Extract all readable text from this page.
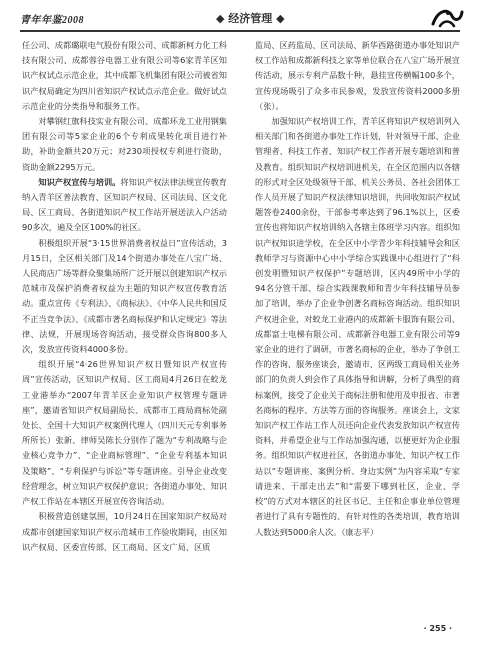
青年年鉴2008	◆ 经济管理 ◆

任公司、成都璐联电气股份有限公司、成都新柯力化工科技有限公司、成都蓉谷电器工业有限公司等6家青羊区知识产权试点示范企业，其中成都飞机集团有限公司被省知识产权局确定为四川省知识产权试点示范企业。做好试点示范企业的分类指导和服务工作。

对攀钢红旗科技实业有限公司、成都环龙工业用钢集团有限公司等5家企业的6个专利成果转化项目进行补助，补助金额共20万元；对230项授权专利进行资助，资助金额2295万元。

知识产权宣传与培训。

将知识产权法律法规宣传教育纳入青羊区普法教育、区知识产权局、区司法局、区文化局、区工商局、各街道知识产权工作站开展送法入户活动90多次，遍及全区100%的社区。

积极组织开展“3·15世界消费者权益日”宣传活动，3月15日，全区相关部门及14个街道办事处在八宝广场、人民商店广场等群众聚集场所广泛开展以创建知识产权示范城市及保护消费者权益为主题的知识产权宣传教育活动。重点宣传《专利法》、《商标法》、《中华人民共和国反不正当竞争法》、《成都市著名商标保护和认定规定》等法律、法规，开展现场咨询活动，接受群众咨询800多人次，发放宣传资料4000多份。

组织开展“4·26世界知识产权日暨知识产权宣传周”宣传活动，区知识产权局、区工商局4月26日在蛟龙工业港举办“2007年青羊区企业知识产权管理专题讲座”，邀请省知识产权局副局长、成都市工商局商标处副处长、全国十大知识产权案例代理人（四川天元专利事务所所长）张新、律师吴陈长分别作了题为“专利战略与企业核心竞争力”、“企业商标管理”、“企业专利基本知识及策略”、“专利保护与诉讼”等专题讲座。引导企业改变经营理念，树立知识产权保护意识；各街道办事处、知识产权工作站在本辖区开展宣传咨询活动。

积极营造创建氛围，10月24日在国家知识产权局对成都市创建国家知识产权示范城市工作验收期间，由区知识产权局、区委宣传部、区工商局、区文广局、区质

监局、区药监局、区司法局、新华西路街道办事处知识产权工作站和成都新科技之家等单位联合在八宝广场开展宣传活动，展示专利产品数十种，悬挂宣传横幅100多个，宣传现场吸引了众多市民参观，发放宣传资料2000多册（张）。

加强知识产权培训工作，青羊区将知识产权培训列入相关部门和各街道办事处工作计划，针对领导干部、企业管理者、科技工作者、知识产权工作者开展专题培训和普及教育。组织知识产权培训进机关，在全区范围内以各辖的形式对全区处级领导干部、机关公务员、各社会团体工作人员开展了知识产权法律知识培训，共回收知识产权试题答卷2400余份，干部参考率达到了96.1%以上，区委宣传也将知识产权培训纳入各辖主体班学习内容。组织知识产权知识进学校，在全区中小学青少年科技辅导会和区教师学习与资源中心中小学综合实践课中心组进行了“科创发明暨知识产权保护”专题培训，区内49所中小学的94名分管干部、综合实践课教师和青少年科技辅导员参加了培训，举办了企业争创著名商标咨询活动。组织知识产权进企业，对蛟龙工业港内的成都新卡服饰有限公司、成都富士电梯有限公司、成都新谷电器工业有限公司等9家企业的进行了调研，市著名商标的企业，举办了争创工作的咨询、服务座谈会，邀请市、区两级工商局相关业务部门的负责人到会作了具体指导和讲解，分析了典型的商标案例，接受了企业关于商标注册和使用及申报省、市著名商标的程序、方法等方面的咨询服务。座谈会上，文家知识产权工作站工作人员还向企业代表发放知识产权宣传资料，并希望企业与工作站加强沟通，以便更好为企业服务。组织知识产权进社区，各街道办事处、知识产权工作站以“专题讲座、案例分析、身边实例”为内容采取“专家请进来、干部走出去”和“需要下哪到社区，企业、学校”的方式对本辖区的社区书记、主任和企事业单位管理者进行了具有专题性的、有针对性的各类培训，教育培训人数达到5000余人次。（康志平）

· 255 ·
